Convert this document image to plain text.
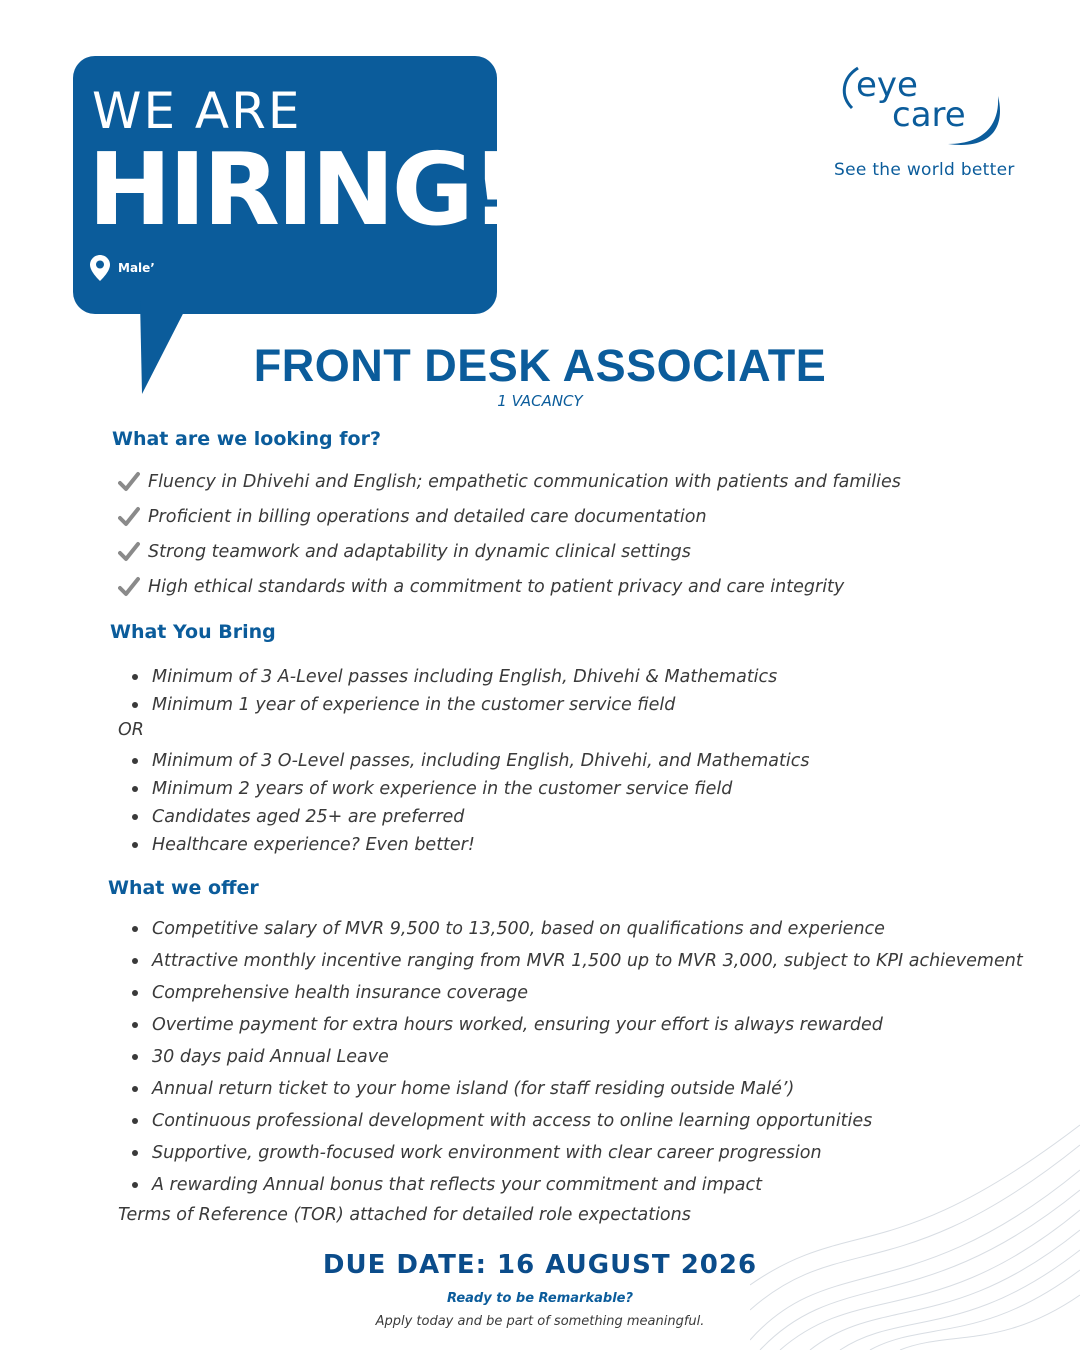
WE ARE
HIRING!
Male’
eye
care
See the world better
FRONT DESK ASSOCIATE
1 VACANCY
What are we looking for?
Fluency in Dhivehi and English; empathetic communication with patients and families
Proficient in billing operations and detailed care documentation
Strong teamwork and adaptability in dynamic clinical settings
High ethical standards with a commitment to patient privacy and care integrity
What You Bring
Minimum of 3 A-Level passes including English, Dhivehi & Mathematics
Minimum 1 year of experience in the customer service field
OR
Minimum of 3 O-Level passes, including English, Dhivehi, and Mathematics
Minimum 2 years of work experience in the customer service field
Candidates aged 25+ are preferred
Healthcare experience? Even better!
What we offer
Competitive salary of MVR 9,500 to 13,500, based on qualifications and experience
Attractive monthly incentive ranging from MVR 1,500 up to MVR 3,000, subject to KPI achievement
Comprehensive health insurance coverage
Overtime payment for extra hours worked, ensuring your effort is always rewarded
30 days paid Annual Leave
Annual return ticket to your home island (for staff residing outside Malé’)
Continuous professional development with access to online learning opportunities
Supportive, growth-focused work environment with clear career progression
A rewarding Annual bonus that reflects your commitment and impact
Terms of Reference (TOR) attached for detailed role expectations
DUE DATE: 16 AUGUST 2026
Ready to be Remarkable?
Apply today and be part of something meaningful.
